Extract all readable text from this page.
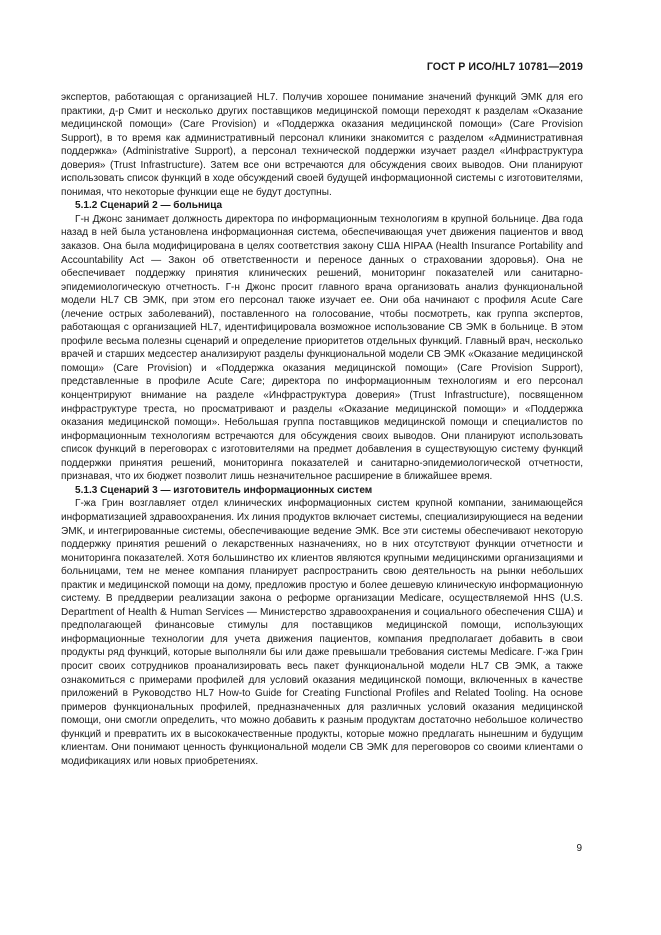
ГОСТ Р ИСО/HL7 10781—2019

экспертов, работающая с организацией HL7. Получив хорошее понимание значений функций ЭМК для его практики, д-р Смит и несколько других поставщиков медицинской помощи переходят к разделам «Оказание медицинской помощи» (Care Provision) и «Поддержка оказания медицинской помощи» (Care Provision Support), в то время как административный персонал клиники знакомится с разделом «Административная поддержка» (Administrative Support), а персонал технической поддержки изучает раздел «Инфраструктура доверия» (Trust Infrastructure). Затем все они встречаются для обсуждения своих выводов. Они планируют использовать список функций в ходе обсуждений своей будущей информационной системы с изготовителями, понимая, что некоторые функции еще не будут доступны.

5.1.2 Сценарий 2 — больница

Г-н Джонс занимает должность директора по информационным технологиям в крупной больнице. Два года назад в ней была установлена информационная система, обеспечивающая учет движения пациентов и ввод заказов. Она была модифицирована в целях соответствия закону США HIPAA (Health Insurance Portability and Accountability Act — Закон об ответственности и переносе данных о страховании здоровья). Она не обеспечивает поддержку принятия клинических решений, мониторинг показателей или санитарно-эпидемиологическую отчетность. Г-н Джонс просит главного врача организовать анализ функциональной модели HL7 СВ ЭМК, при этом его персонал также изучает ее. Они оба начинают с профиля Acute Care (лечение острых заболеваний), поставленного на голосование, чтобы посмотреть, как группа экспертов, работающая с организацией HL7, идентифицировала возможное использование СВ ЭМК в больнице. В этом профиле весьма полезны сценарий и определение приоритетов отдельных функций. Главный врач, несколько врачей и старших медсестер анализируют разделы функциональной модели СВ ЭМК «Оказание медицинской помощи» (Care Provision) и «Поддержка оказания медицинской помощи» (Care Provision Support), представленные в профиле Acute Care; директора по информационным технологиям и его персонал концентрируют внимание на разделе «Инфраструктура доверия» (Trust Infrastructure), посвященном инфраструктуре треста, но просматривают и разделы «Оказание медицинской помощи» и «Поддержка оказания медицинской помощи». Небольшая группа поставщиков медицинской помощи и специалистов по информационным технологиям встречаются для обсуждения своих выводов. Они планируют использовать список функций в переговорах с изготовителями на предмет добавления в существующую систему функций поддержки принятия решений, мониторинга показателей и санитарно-эпидемиологической отчетности, признавая, что их бюджет позволит лишь незначительное расширение в ближайшее время.

5.1.3 Сценарий 3 — изготовитель информационных систем

Г-жа Грин возглавляет отдел клинических информационных систем крупной компании, занимающейся информатизацией здравоохранения. Их линия продуктов включает системы, специализирующиеся на ведении ЭМК, и интегрированные системы, обеспечивающие ведение ЭМК. Все эти системы обеспечивают некоторую поддержку принятия решений о лекарственных назначениях, но в них отсутствуют функции отчетности и мониторинга показателей. Хотя большинство их клиентов являются крупными медицинскими организациями и больницами, тем не менее компания планирует распространить свою деятельность на рынки небольших практик и медицинской помощи на дому, предложив простую и более дешевую клиническую информационную систему. В преддверии реализации закона о реформе организации Medicare, осуществляемой HHS (U.S. Department of Health & Human Services — Министерство здравоохранения и социального обеспечения США) и предполагающей финансовые стимулы для поставщиков медицинской помощи, использующих информационные технологии для учета движения пациентов, компания предполагает добавить в свои продукты ряд функций, которые выполняли бы или даже превышали требования системы Medicare. Г-жа Грин просит своих сотрудников проанализировать весь пакет функциональной модели HL7 СВ ЭМК, а также ознакомиться с примерами профилей для условий оказания медицинской помощи, включенных в качестве приложений в Руководство HL7 How-to Guide for Creating Functional Profiles and Related Tooling. На основе примеров функциональных профилей, предназначенных для различных условий оказания медицинской помощи, они смогли определить, что можно добавить к разным продуктам достаточно небольшое количество функций и превратить их в высококачественные продукты, которые можно предлагать нынешним и будущим клиентам. Они понимают ценность функциональной модели СВ ЭМК для переговоров со своими клиентами о модификациях или новых приобретениях.

9
